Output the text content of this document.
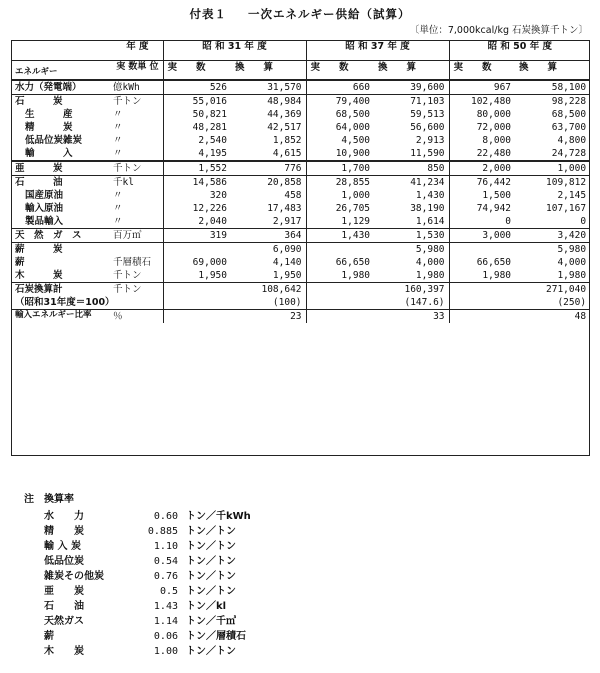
付表１ 一次エネルギー供給（試算）
〔単位：7,000kcal/kg 石炭換算千トン〕
年 度		昭 和 31 年 度		昭 和 37 年 度		昭 和 50 年 度	
エネルギー	実 数単 位	実　　数	換　　算	実　　数	換　　算	実　　数	換　　算
水力（発電端）	億kWh	526	31,570	660	39,600	967	58,100
石　　　炭	千トン	55,016	48,984	79,400	71,103	102,480	98,228
生　　　産	〃	50,821	44,369	68,500	59,513	80,000	68,500
精　　　炭	〃	48,281	42,517	64,000	56,600	72,000	63,700
低品位炭雑炭	〃	2,540	1,852	4,500	2,913	8,000	4,800
輸　　　入	〃	4,195	4,615	10,900	11,590	22,480	24,728
亜　　　炭	千トン	1,552	776	1,700	850	2,000	1,000
石　　　油	千kl	14,586	20,858	28,855	41,234	76,442	109,812
国産原油	〃	320	458	1,000	1,430	1,500	2,145
輸入原油	〃	12,226	17,483	26,705	38,190	74,942	107,167
製品輸入	〃	2,040	2,917	1,129	1,614	0	0
天　然　ガ　ス	百万㎥	319	364	1,430	1,530	3,000	3,420
薪　　　炭			6,090		5,980		5,980
薪	千層積石	69,000	4,140	66,650	4,000	66,650	4,000
木　　　炭	千トン	1,950	1,950	1,980	1,980	1,980	1,980
石炭換算計	千トン		108,642		160,397		271,040
（昭和31年度＝100）			(100)		(147.6)		(250)
輸入エネルギー比率	％		23		33		48
注　換算率
水　　力	0.60	トン／千kWh
精　　炭	0.885	トン／トン
輸 入 炭	1.10	トン／トン
低品位炭	0.54	トン／トン
雑炭その他炭	0.76	トン／トン
亜　　炭	0.5	トン／トン
石　　油	1.43	トン／kl
天然ガス	1.14	トン／千㎥
薪	0.06	トン／層積石
木　　炭	1.00	トン／トン
